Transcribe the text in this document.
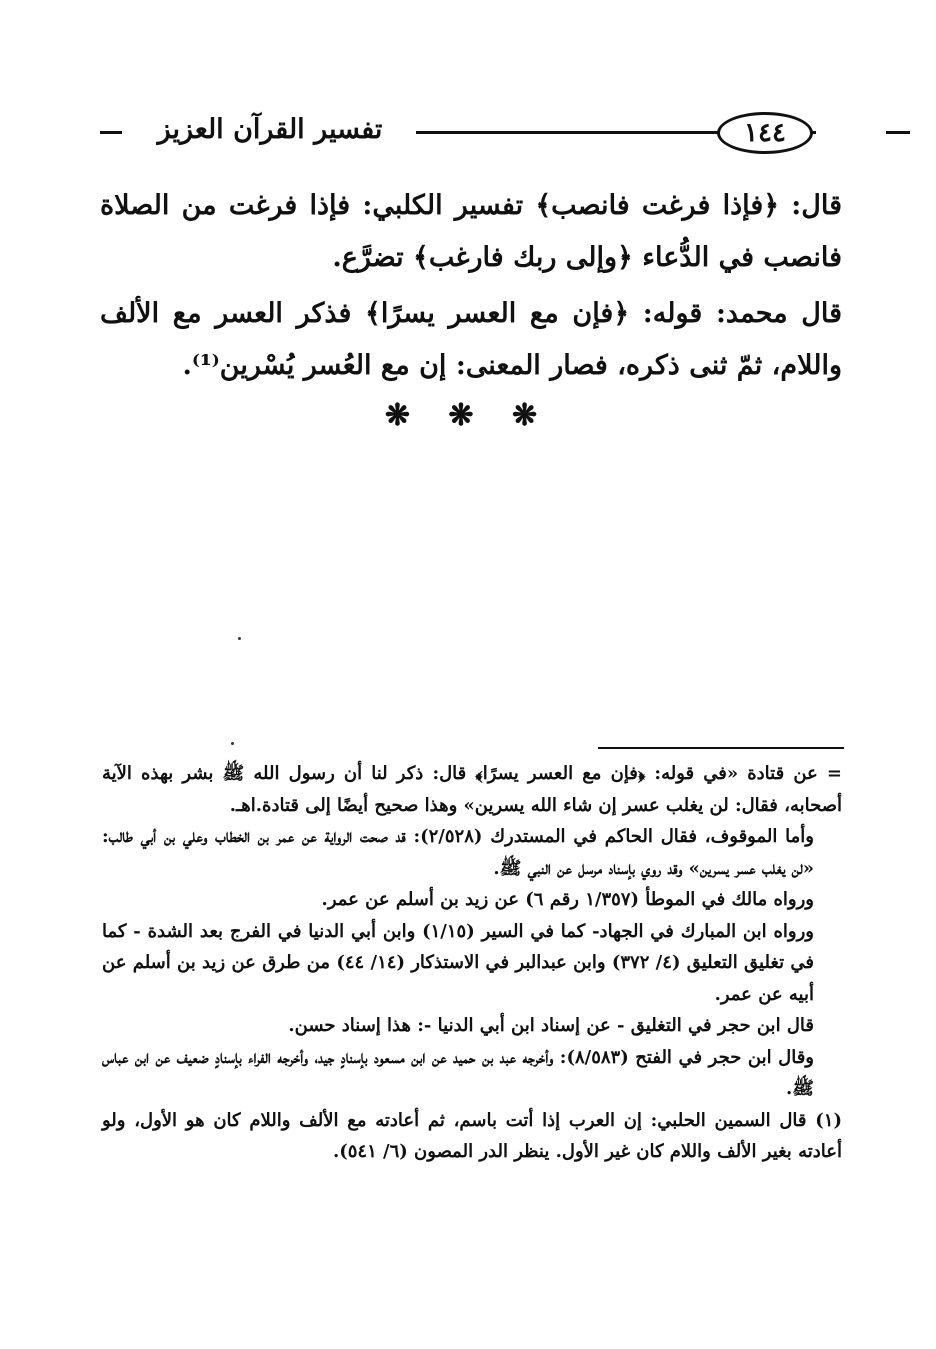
تفسير القرآن العزيز	١٤٤

قال: ﴿فإذا فرغت فانصب﴾ تفسير الكلبي: فإذا فرغت من الصلاة فانصب في الدُّعاء ﴿وإلى ربك فارغب﴾ تضرَّع.

قال محمد: قوله: ﴿فإن مع العسر يسرًا﴾ فذكر العسر مع الألف واللام، ثمّ ثنى ذكره، فصار المعنى: إن مع العُسر يُسْرين⁽¹⁾.

❋ ❋ ❋

= عن قتادة «في قوله: ﴿فإن مع العسر يسرًا﴾ قال: ذكر لنا أن رسول الله ﷺ بشر بهذه الآية أصحابه، فقال: لن يغلب عسر إن شاء الله يسرين» وهذا صحيح أيضًا إلى قتادة.اهـ.

وأما الموقوف، فقال الحاكم في المستدرك (٢/٥٢٨): قد صحت الرواية عن عمر بن الخطاب وعلي بن أبي طالب: «لن يغلب عسر يسرين» وقد روي بإسناد مرسل عن النبي ﷺ.

ورواه مالك في الموطأ (١/٣٥٧ رقم ٦) عن زيد بن أسلم عن عمر.

ورواه ابن المبارك في الجهاد- كما في السير (١/١٥) وابن أبي الدنيا في الفرج بعد الشدة - كما في تغليق التعليق (٤/ ٣٧٢) وابن عبدالبر في الاستذكار (١٤/ ٤٤) من طرق عن زيد بن أسلم عن أبيه عن عمر.

قال ابن حجر في التغليق - عن إسناد ابن أبي الدنيا -: هذا إسناد حسن.

وقال ابن حجر في الفتح (٨/٥٨٣): وأخرجه عبد بن حميد عن ابن مسعود بإسنادٍ جيد، وأخرجه الفراء بإسنادٍ ضعيف عن ابن عباس ﷺ.

(١) قال السمين الحلبي: إن العرب إذا أتت باسم، ثم أعادته مع الألف واللام كان هو الأول، ولو أعادته بغير الألف واللام كان غير الأول. ينظر الدر المصون (٦/ ٥٤١).
